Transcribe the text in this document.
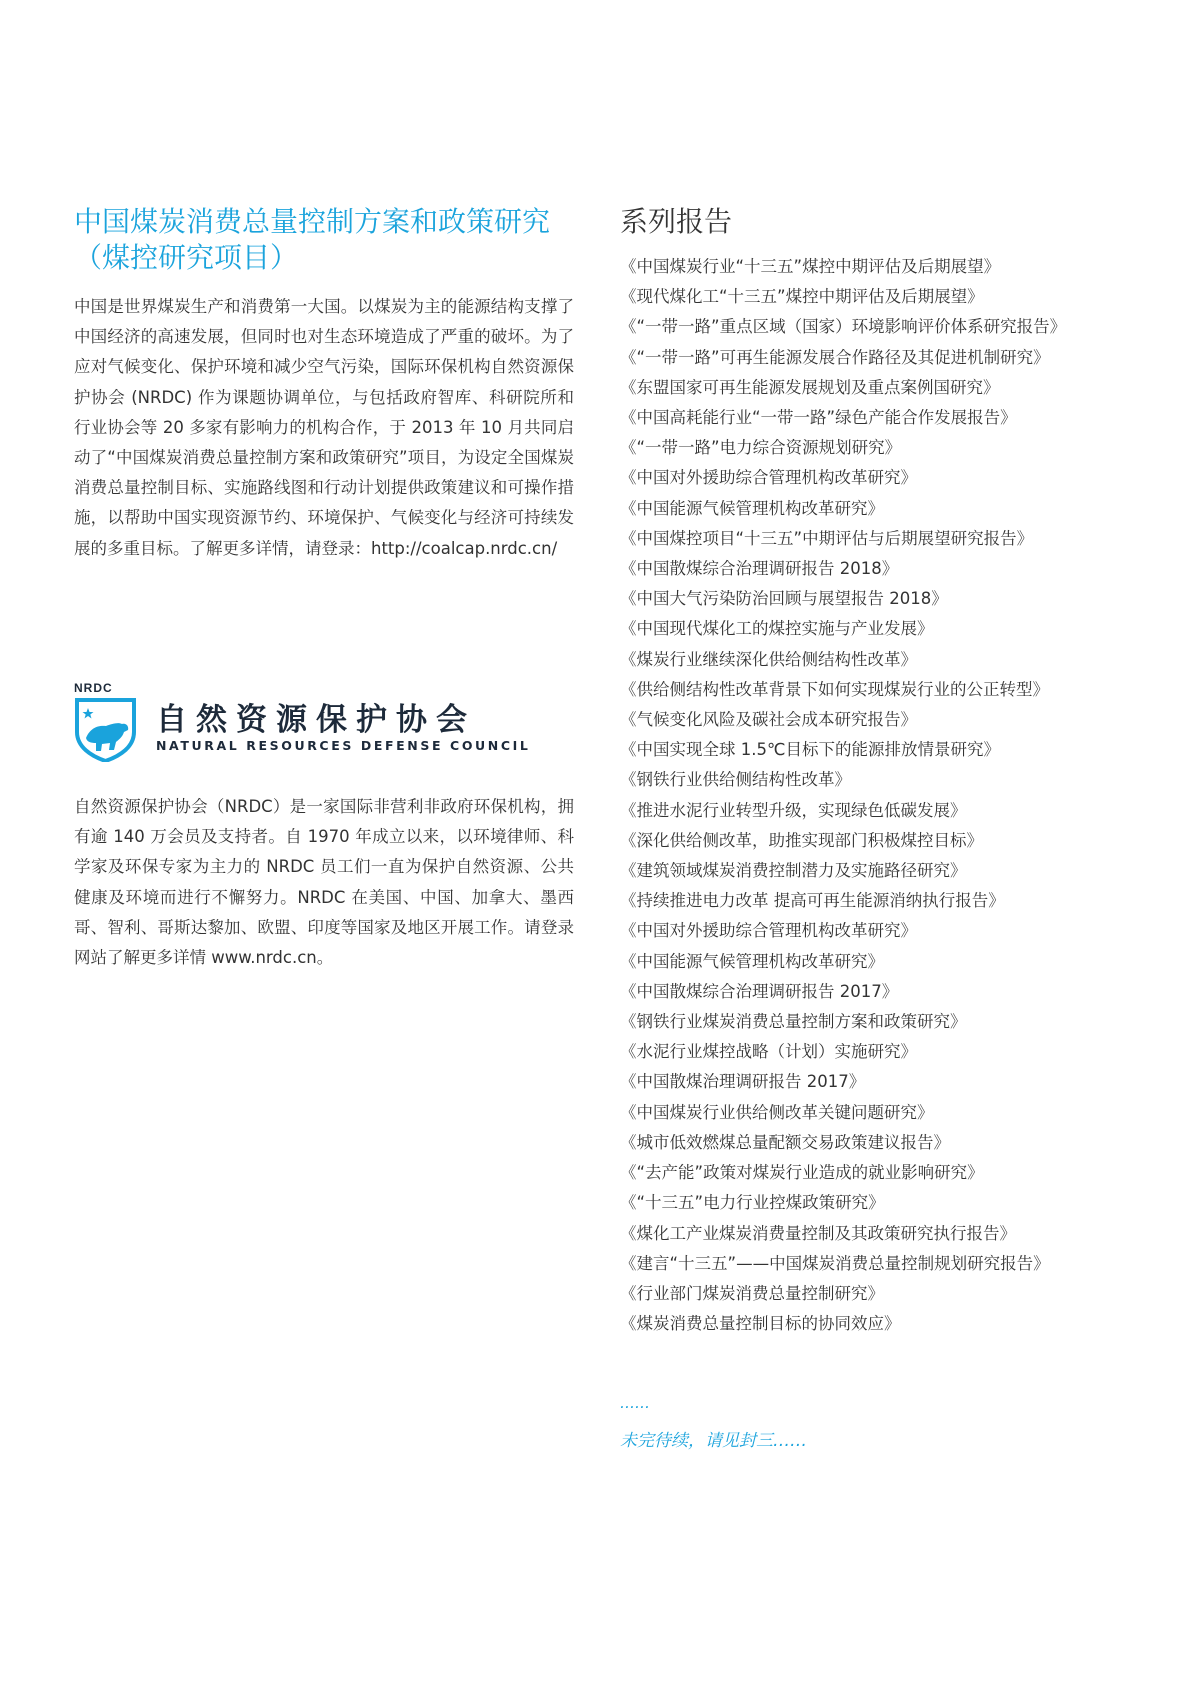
中国煤炭消费总量控制方案和政策研究
（煤控研究项目）

中国是世界煤炭生产和消费第一大国。以煤炭为主的能源结构支撑了中国经济的高速发展，但同时也对生态环境造成了严重的破坏。为了应对气候变化、保护环境和减少空气污染，国际环保机构自然资源保护协会 (NRDC) 作为课题协调单位，与包括政府智库、科研院所和行业协会等 20 多家有影响力的机构合作，于 2013 年 10 月共同启动了“中国煤炭消费总量控制方案和政策研究”项目，为设定全国煤炭消费总量控制目标、实施路线图和行动计划提供政策建议和可操作措施，以帮助中国实现资源节约、环境保护、气候变化与经济可持续发展的多重目标。了解更多详情，请登录：http://coalcap.nrdc.cn/

NRDC
自然资源保护协会
NATURAL RESOURCES DEFENSE COUNCIL

自然资源保护协会（NRDC）是一家国际非营利非政府环保机构，拥有逾 140 万会员及支持者。自 1970 年成立以来，以环境律师、科学家及环保专家为主力的 NRDC 员工们一直为保护自然资源、公共健康及环境而进行不懈努力。NRDC 在美国、中国、加拿大、墨西哥、智利、哥斯达黎加、欧盟、印度等国家及地区开展工作。请登录网站了解更多详情 www.nrdc.cn。

系列报告
《中国煤炭行业“十三五”煤控中期评估及后期展望》
《现代煤化工“十三五”煤控中期评估及后期展望》
《“一带一路”重点区域（国家）环境影响评价体系研究报告》
《“一带一路”可再生能源发展合作路径及其促进机制研究》
《东盟国家可再生能源发展规划及重点案例国研究》
《中国高耗能行业“一带一路”绿色产能合作发展报告》
《“一带一路”电力综合资源规划研究》
《中国对外援助综合管理机构改革研究》
《中国能源气候管理机构改革研究》
《中国煤控项目“十三五”中期评估与后期展望研究报告》
《中国散煤综合治理调研报告 2018》
《中国大气污染防治回顾与展望报告 2018》
《中国现代煤化工的煤控实施与产业发展》
《煤炭行业继续深化供给侧结构性改革》
《供给侧结构性改革背景下如何实现煤炭行业的公正转型》
《气候变化风险及碳社会成本研究报告》
《中国实现全球 1.5℃目标下的能源排放情景研究》
《钢铁行业供给侧结构性改革》
《推进水泥行业转型升级，实现绿色低碳发展》
《深化供给侧改革，助推实现部门积极煤控目标》
《建筑领域煤炭消费控制潜力及实施路径研究》
《持续推进电力改革 提高可再生能源消纳执行报告》
《中国对外援助综合管理机构改革研究》
《中国能源气候管理机构改革研究》
《中国散煤综合治理调研报告 2017》
《钢铁行业煤炭消费总量控制方案和政策研究》
《水泥行业煤控战略（计划）实施研究》
《中国散煤治理调研报告 2017》
《中国煤炭行业供给侧改革关键问题研究》
《城市低效燃煤总量配额交易政策建议报告》
《“去产能”政策对煤炭行业造成的就业影响研究》
《“十三五”电力行业控煤政策研究》
《煤化工产业煤炭消费量控制及其政策研究执行报告》
《建言“十三五”——中国煤炭消费总量控制规划研究报告》
《行业部门煤炭消费总量控制研究》
《煤炭消费总量控制目标的协同效应》
……
未完待续，请见封三……
